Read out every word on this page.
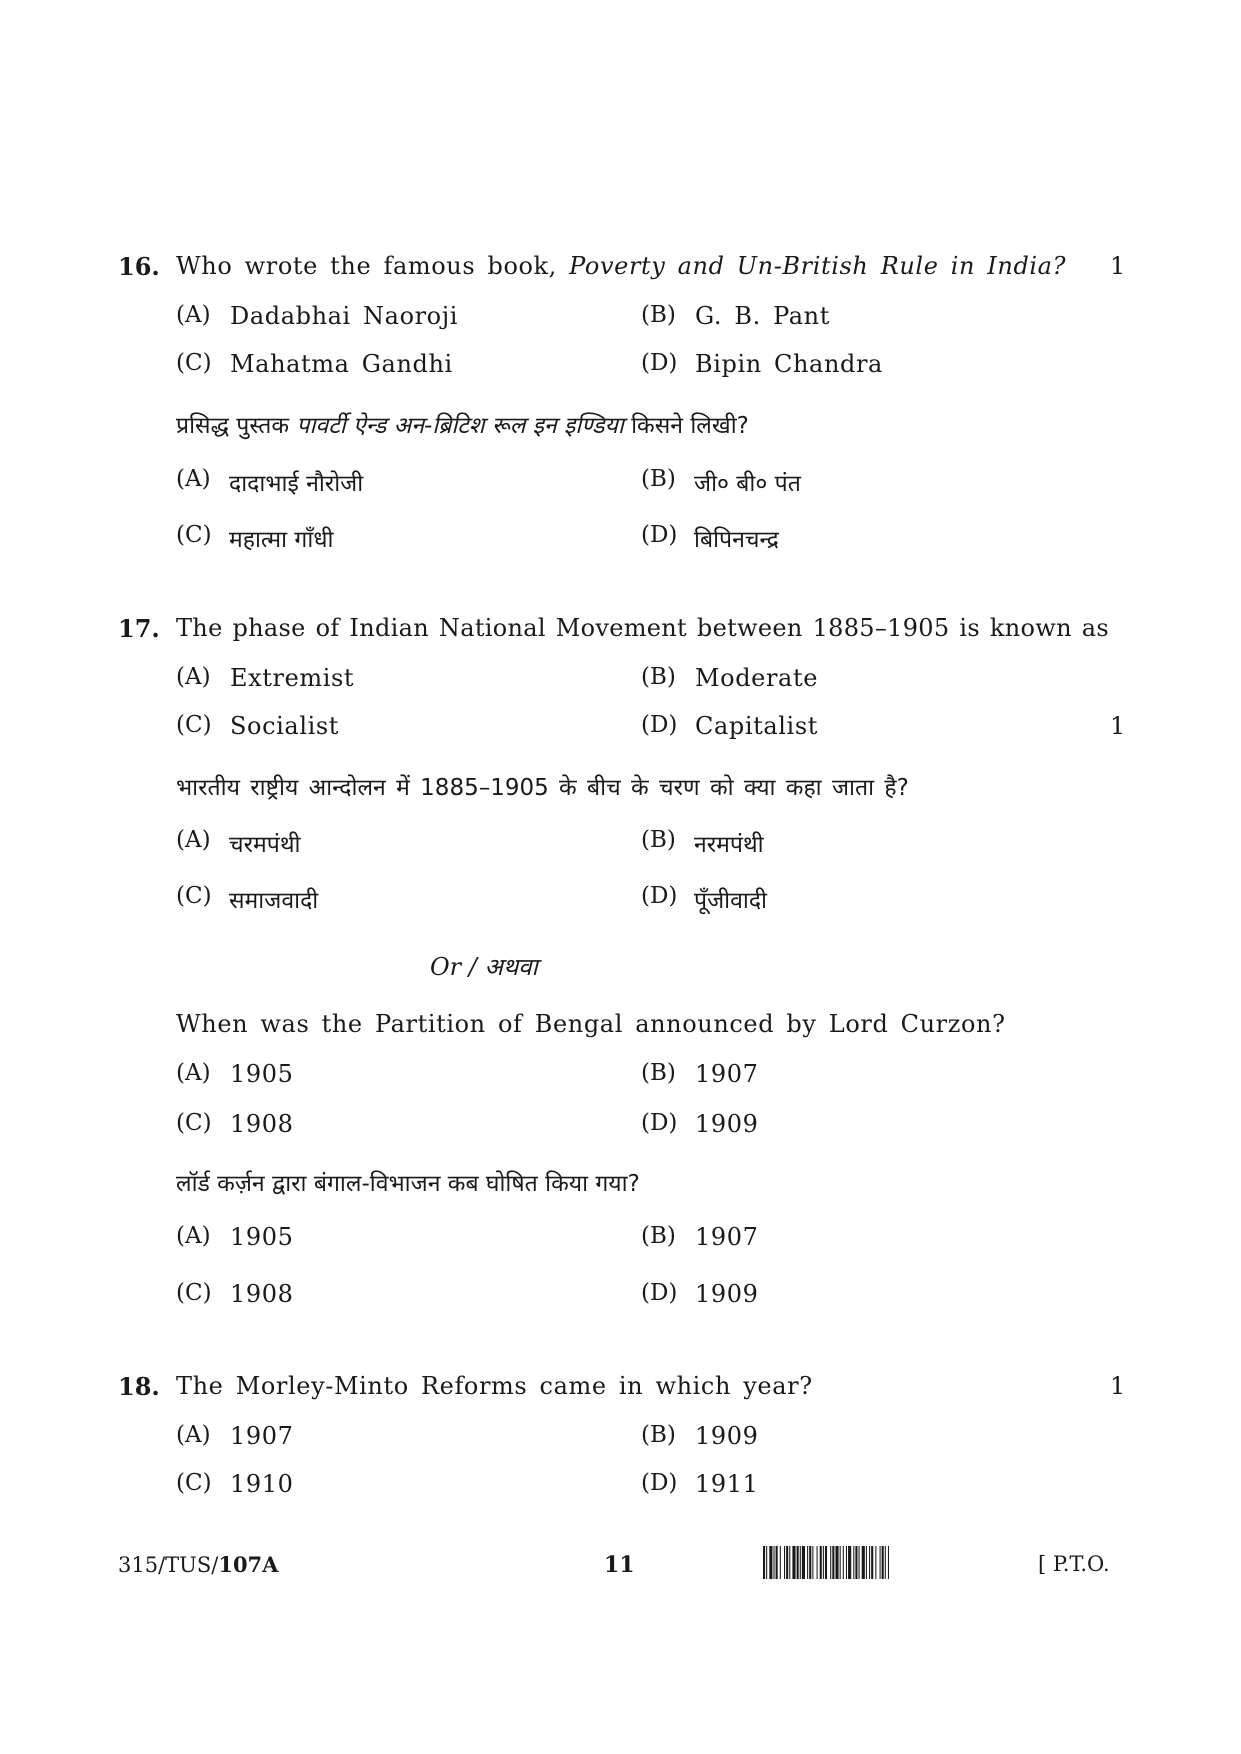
16. Who wrote the famous book, Poverty and Un-British Rule in India? 1
(A) Dadabhai Naoroji	(B) G. B. Pant
(C) Mahatma Gandhi	(D) Bipin Chandra
प्रसिद्ध पुस्तक पावर्टी ऐन्ड अन-ब्रिटिश रूल इन इण्डिया किसने लिखी?
(A) दादाभाई नौरोजी	(B) जी० बी० पंत
(C) महात्मा गाँधी	(D) बिपिनचन्द्र
17. The phase of Indian National Movement between 1885–1905 is known as
(A) Extremist	(B) Moderate
(C) Socialist	(D) Capitalist	1
भारतीय राष्ट्रीय आन्दोलन में 1885–1905 के बीच के चरण को क्या कहा जाता है?
(A) चरमपंथी	(B) नरमपंथी
(C) समाजवादी	(D) पूँजीवादी
Or / अथवा
When was the Partition of Bengal announced by Lord Curzon?
(A) 1905	(B) 1907
(C) 1908	(D) 1909
लॉर्ड कर्ज़न द्वारा बंगाल-विभाजन कब घोषित किया गया?
(A) 1905	(B) 1907
(C) 1908	(D) 1909
18. The Morley-Minto Reforms came in which year?	1
(A) 1907	(B) 1909
(C) 1910	(D) 1911
315/TUS/107A	11	[ P.T.O.
